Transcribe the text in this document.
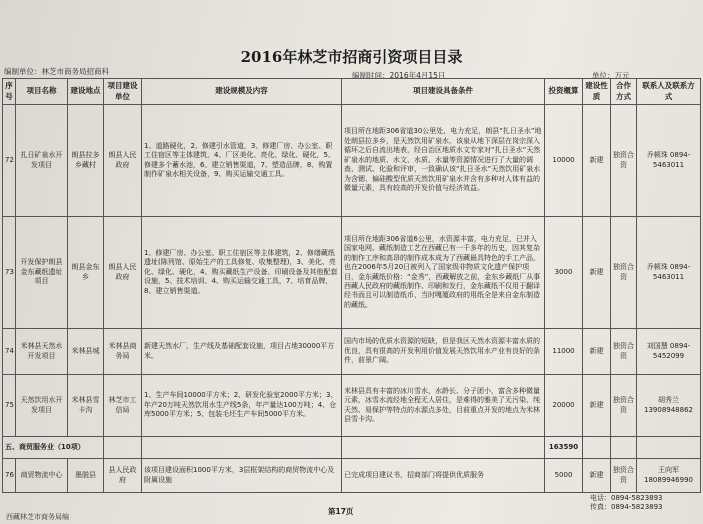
编制单位：林芝市商务局招商科
2016年林芝市招商引资项目目录
编制时间：2016年4月15日	单位：万元
序号	项目名称	建设地点	项目建设单位	建设规模及内容	项目建设具备条件	投资概算	建设性质	合作方式	联系人及联系方式
72	扎日矿泉水开发项目	朗县拉多乡藏村	朗县人民政府	1、道路硬化，2、修建引水管道，3、修建厂房、办公室、职工住宿区等主体建筑，4、厂区美化、亮化、绿化、硬化，5、修建多个蓄水池，6、建立销售渠道，7、塑造品牌，8、购置制作矿泉水相关设备，9、购买运输交通工具。	项目所在地距306省道30公里处，电力充足，朗县“扎日圣水”地处朗县拉多乡，是天然饮用矿泉水，该泉从地下深层在岗宗深入循环之后自流出地表，经自治区地质水文专家对“扎日圣水”天然矿泉水的地质、水文、水质、水量等资源情况进行了大量的调查、测试、化验和评审，一致确认该“扎日圣水”天然饮用矿泉水为含锶、偏硅酸型优质天然饮用矿泉水并含有多种对人体有益的微量元素，具有较高的开发价值与经济效益。	10000	新建	独资合资	乔顿珠 0894-5463011
73	开发保护朗县金东藏纸遗址项目	朗县金东乡	朗县人民政府	1、修建厂房、办公室、职工住宿区等主体建筑，2、修缮藏纸遗址(陈列馆、原始生产的工具修复、收集整理)，3、美化、亮化、绿化、硬化，4、购买藏纸生产设备、印刷设备及其他配套设施，5、技术培训、4、购买运输交通工具，7、培育品牌，8、建立销售渠道。	项目所在地距306省道6公里，水资源丰富，电力充足，已并入国家电网。藏纸制造工艺在西藏已有一千多年的历史，因其复杂的制作工序和高昂的制作成本成为了西藏最具特色的手工产品，也在2006年5月20日被列入了国家级非物质文化遗产保护项目，金东藏纸价格：“金秀”，西藏解放之前，金东乡藏纸厂从事西藏人民政府的藏纸制作、印刷和发行，金东藏纸不仅用于翻译经书而且可以制造纸币，当时嘎厦政府的用纸全是来自金东制造的藏纸。	3000	新建	独资合资	乔顿珠 0894-5463011
74	米林县天然水开发项目	米林县城	米林县商务局	新建天然水厂，生产线及基础配套设施，项目占地30000平方米。	国内市场的优质水资源的短缺，但是我区天然水资源丰富水质的优良，具有很高的开发利用价值发展天然饮用水产业有良好的条件，前景广阔。	11000	新建	独资合资	刘国慧 0894-5452099
75	天然饮用水开发项目	米林县雪卡沟	林芝市工信局	1、生产车间10000平方米；2、研发化验室2000平方米；3、年产20万吨天然饮用水生产线5条，年产量达100万吨；4、仓库5000平方米；5、包装毛坯生产车间5000平方米。	米林县具有丰富的冰川雪水，水龄长、分子团小，富含多种微量元素，冰雪水流经地全程无人居住，是难得的雅美了无污染、纯天然、易保护等特点的水源点多处，目前重点开发的地点为米林县雪卡沟。	20000	新建	独资合资	胡秀兰 13908948862
五、商贸服务业（10项）						163590			
76	商贸物流中心	墨脱县	县人民政府	该项目建设面积1000平方米，3层框架结构的商贸物流中心及附属设施	已完成项目建议书，招商部门将提供优质服务	5000	新建	独资合资	王向军 18089946990
电话：0894-5823893
传真：0894-5823893
第17页
西藏林芝市商务局编
